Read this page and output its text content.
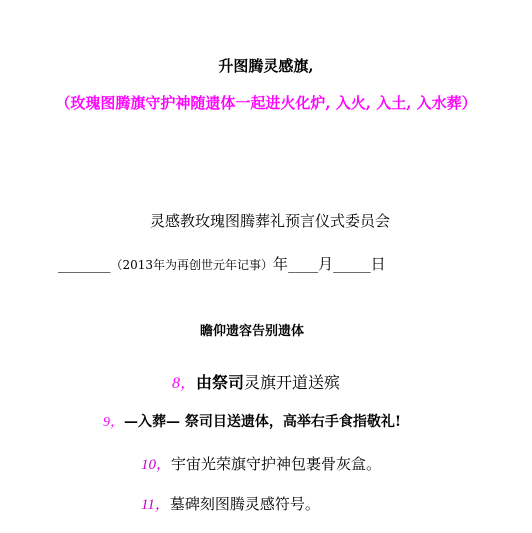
升图腾灵感旗,
（玫瑰图腾旗守护神随遗体一起进火化炉, 入火, 入土, 入水葬）
灵感教玫瑰图腾葬礼预言仪式委员会
_______（2013年为再创世元年记事）年____月_____日
瞻仰遗容告别遗体
8，由祭司灵旗开道送殡
9，—入葬— 祭司目送遗体，高举右手食指敬礼!
10，宇宙光荣旗守护神包裹骨灰盒。
11，墓碑刻图腾灵感符号。
